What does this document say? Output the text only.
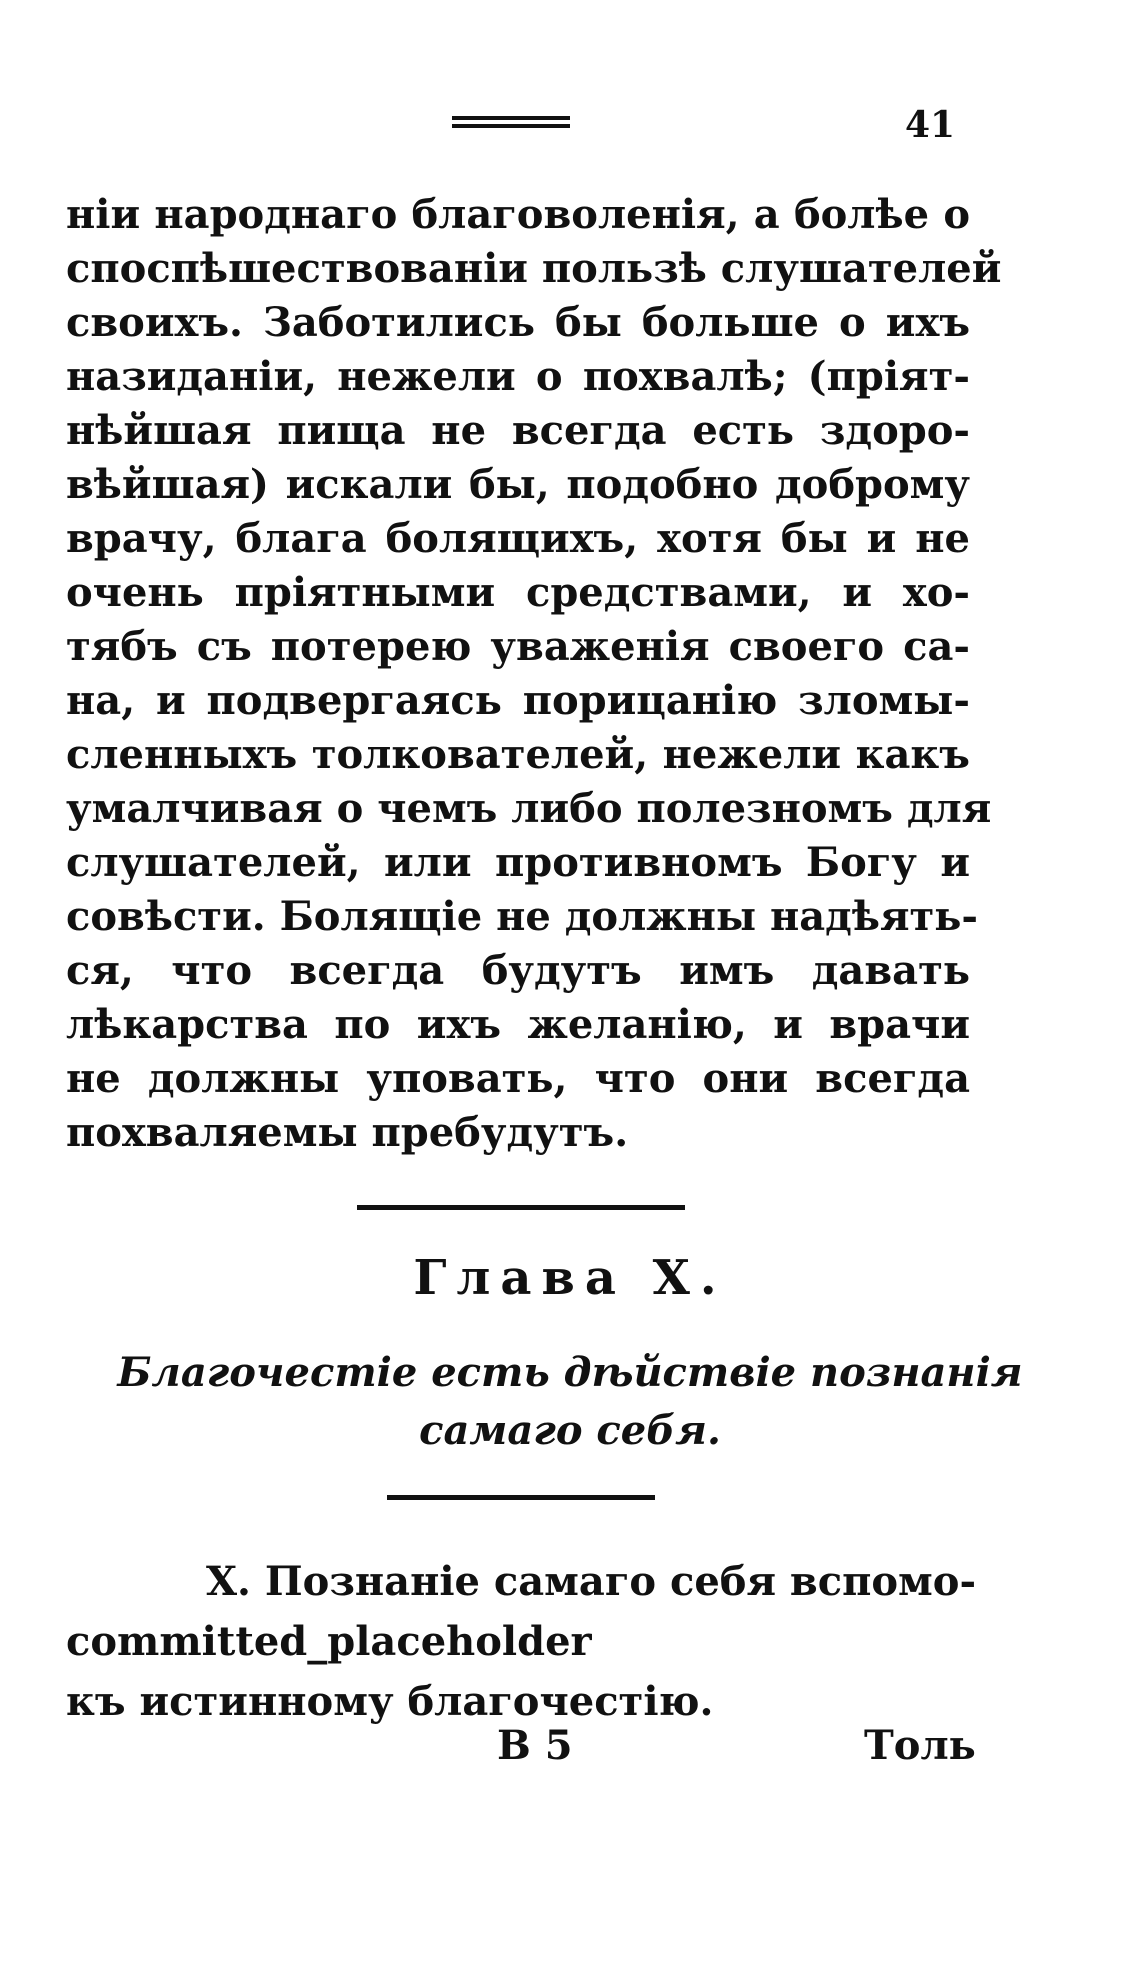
41
нiи народнаго благоволенiя, а болѣе о
споспѣшествованiи пользѣ слушателей
своихъ. Заботились бы больше о ихъ
назиданiи, нежели о похвалѣ; (прiят-
нѣйшая пища не всегда есть здоро-
вѣйшая) искали бы, подобно доброму
врачу, блага болящихъ, хотя бы и не
очень прiятными средствами, и хо-
тябъ съ потерею уваженiя своего са-
на, и подвергаясь порицанiю зломы-
сленныхъ толкователей, нежели какъ
умалчивая о чемъ либо полезномъ для
слушателей, или противномъ Богу и
совѣсти. Болящiе не должны надѣять-
ся, что всегда будутъ имъ давать
лѣкарства по ихъ желанiю, и врачи
не должны уповать, что они всегда
похваляемы пребудутъ.
Глава X.
Благочестiе есть дѣйствiе познанiя
самаго себя.
X. Познанiе самаго себя вспомо-
committed_placeholder
къ истинному благочестiю.
В 5	Толь
